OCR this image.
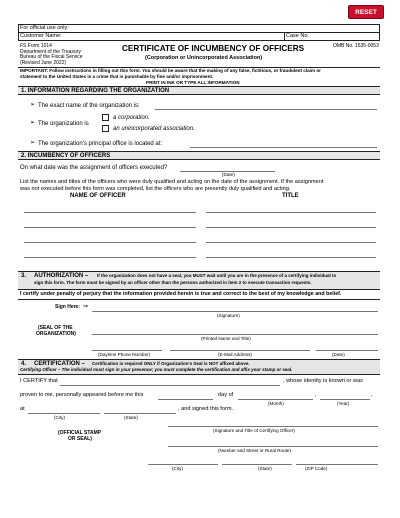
RESET
For official use only:
Customer Name:	Case No.
FS Form 1014
Department of the Treasury
Bureau of the Fiscal Service
(Revised June 2022)
CERTIFICATE OF INCUMBENCY OF OFFICERS
(Corporation or Unincorporated Association)
OMB No. 1535-0053
IMPORTANT: Follow instructions in filling out this form. You should be aware that the making of any false, fictitious, or fraudulent claim or
statement to the United States is a crime that is punishable by fine and/or imprisonment.
PRINT IN INK OR TYPE ALL INFORMATION
1. INFORMATION REGARDING THE ORGANIZATION
➢ The exact name of the organization is:
➢ The organization is
a corporation.
an unincorporated association.
➢ The organization's principal office is located at:
2. INCUMBENCY OF OFFICERS
On what date was the assignment of officers executed?
(Date)
List the names and titles of the officers who were duly qualified and acting on the date of the assignment. If the assignment
was not executed before this form was completed, list the officers who are presently duly qualified and acting.
NAME OF OFFICER	TITLE
3. AUTHORIZATION – If the organization does not have a seal, you MUST wait until you are in the presence of a certifying individual to
sign this form. The form must be signed by an officer other than the persons authorized in item 2 to execute transaction requests.
I certify under penalty of perjury that the information provided herein is true and correct to the best of my knowledge and belief.
Sign Here: ⇒
(Signature)
(SEAL OF THE
ORGANIZATION)
(Printed Name and Title)
(Daytime Phone Number)	(E-Mail Address)	(Date)
4. CERTIFICATION – Certification is required ONLY if Organization's Seal is NOT affixed above.
Certifying Officer – The individual must sign in your presence; you must complete the certification and affix your stamp or seal.
I CERTIFY that	, whose identity is known or was
proven to me, personally appeared before me this	day of	,	,
(Month)	(Year)
at	, and signed this form.
(City)	(State)
(OFFICIAL STAMP
OR SEAL)
(Signature and Title of Certifying Officer)
(Number and Street or Rural Route)
(City)	(State)	(ZIP Code)
